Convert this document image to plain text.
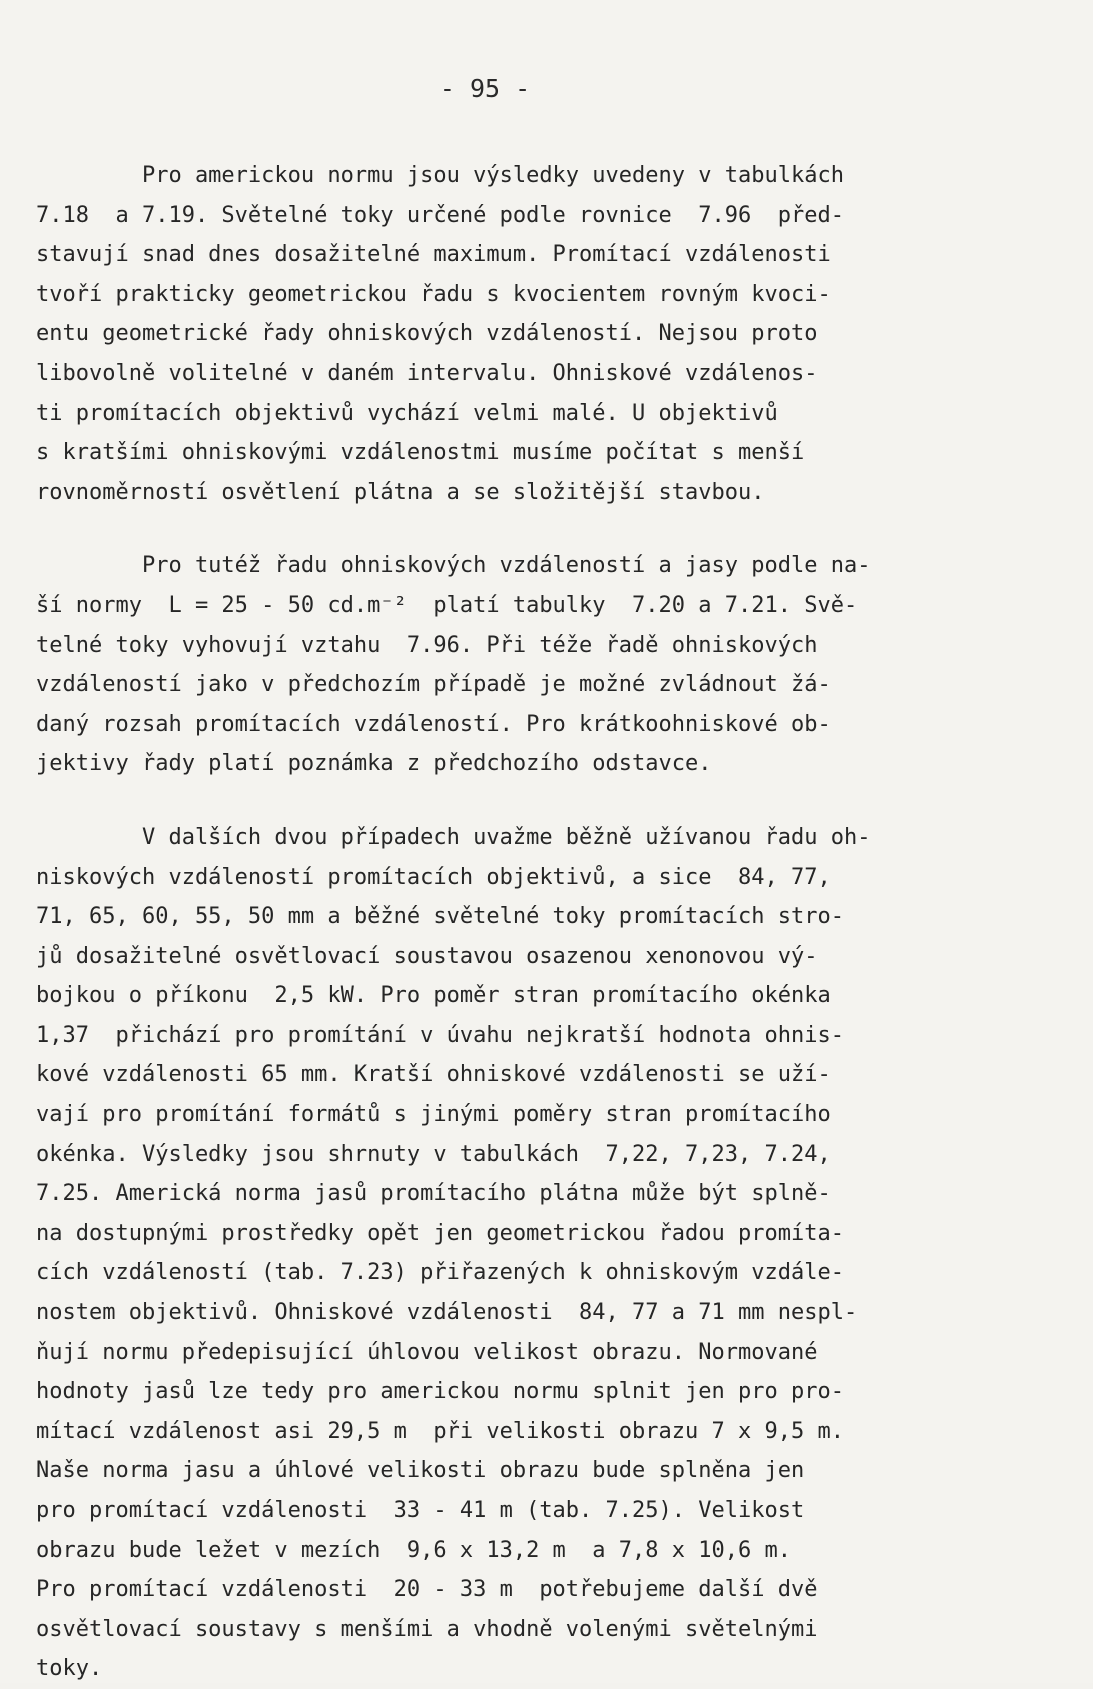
- 95 -
Pro americkou normu jsou výsledky uvedeny v tabulkách
7.18  a 7.19. Světelné toky určené podle rovnice  7.96  před-
stavují snad dnes dosažitelné maximum. Promítací vzdálenosti
tvoří prakticky geometrickou řadu s kvocientem rovným kvoci-
entu geometrické řady ohniskových vzdáleností. Nejsou proto
libovolně volitelné v daném intervalu. Ohniskové vzdálenos-
ti promítacích objektivů vychází velmi malé. U objektivů
s kratšími ohniskovými vzdálenostmi musíme počítat s menší
rovnoměrností osvětlení plátna a se složitější stavbou.
Pro tutéž řadu ohniskových vzdáleností a jasy podle na-
ší normy  L = 25 - 50 cd.m⁻²  platí tabulky  7.20 a 7.21. Svě-
telné toky vyhovují vztahu  7.96. Při téže řadě ohniskových
vzdáleností jako v předchozím případě je možné zvládnout žá-
daný rozsah promítacích vzdáleností. Pro krátkoohniskové ob-
jektivy řady platí poznámka z předchozího odstavce.
V dalších dvou případech uvažme běžně užívanou řadu oh-
niskových vzdáleností promítacích objektivů, a sice  84, 77,
71, 65, 60, 55, 50 mm a běžné světelné toky promítacích stro-
jů dosažitelné osvětlovací soustavou osazenou xenonovou vý-
bojkou o příkonu  2,5 kW. Pro poměr stran promítacího okénka
1,37  přichází pro promítání v úvahu nejkratší hodnota ohnis-
kové vzdálenosti 65 mm. Kratší ohniskové vzdálenosti se uží-
vají pro promítání formátů s jinými poměry stran promítacího
okénka. Výsledky jsou shrnuty v tabulkách  7,22, 7,23, 7.24,
7.25. Americká norma jasů promítacího plátna může být splně-
na dostupnými prostředky opět jen geometrickou řadou promíta-
cích vzdáleností (tab. 7.23) přiřazených k ohniskovým vzdále-
nostem objektivů. Ohniskové vzdálenosti  84, 77 a 71 mm nespl-
ňují normu předepisující úhlovou velikost obrazu. Normované
hodnoty jasů lze tedy pro americkou normu splnit jen pro pro-
mítací vzdálenost asi 29,5 m  při velikosti obrazu 7 x 9,5 m.
Naše norma jasu a úhlové velikosti obrazu bude splněna jen
pro promítací vzdálenosti  33 - 41 m (tab. 7.25). Velikost
obrazu bude ležet v mezích  9,6 x 13,2 m  a 7,8 x 10,6 m.
Pro promítací vzdálenosti  20 - 33 m  potřebujeme další dvě
osvětlovací soustavy s menšími a vhodně volenými světelnými
toky.
